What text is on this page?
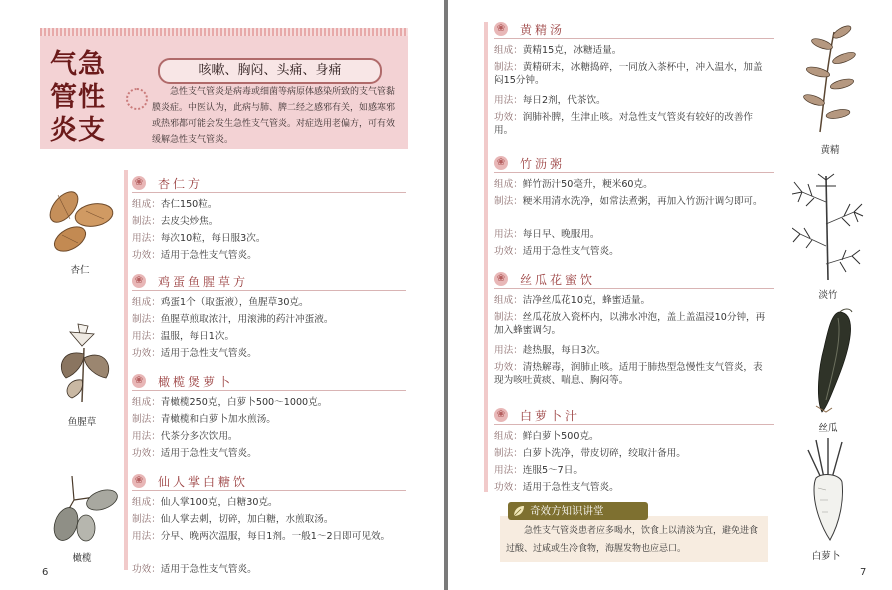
气急
管性
炎支
咳嗽、胸闷、头痛、身痛
急性支气管炎是病毒或细菌等病原体感染所致的支气管黏膜炎症。中医认为，此病与肺、脾二经之感邪有关，如感寒邪或热邪都可能会发生急性支气管炎。对症选用老偏方，可有效缓解急性支气管炎。
❀ 杏仁方
组成：杏仁150粒。
制法：去皮尖炒焦。
用法：每次10粒，每日服3次。
功效：适用于急性支气管炎。
❀ 鸡蛋鱼腥草方
组成：鸡蛋1个（取蛋液），鱼腥草30克。
制法：鱼腥草煎取浓汁，用滚沸的药汁冲蛋液。
用法：温服，每日1次。
功效：适用于急性支气管炎。
❀ 橄榄煲萝卜
组成：青橄榄250克，白萝卜500～1000克。
制法：青橄榄和白萝卜加水煎汤。
用法：代茶分多次饮用。
功效：适用于急性支气管炎。
❀ 仙人掌白糖饮
组成：仙人掌100克，白糖30克。
制法：仙人掌去刺，切碎，加白糖，水煎取汤。
用法：分早、晚两次温服，每日1剂。一般1～2日即可见效。
功效：适用于急性支气管炎。
杏仁
鱼腥草
橄榄
6
❀ 黄精汤
组成：黄精15克，冰糖适量。
制法：黄精研末，冰糖捣碎，一同放入茶杯中，冲入温水，加盖闷15分钟。
用法：每日2剂，代茶饮。
功效：润肺补脾，生津止咳。对急性支气管炎有较好的改善作用。
❀ 竹沥粥
组成：鲜竹沥汁50毫升，粳米60克。
制法：粳米用清水洗净，如常法煮粥，再加入竹沥汁调匀即可。
用法：每日早、晚服用。
功效：适用于急性支气管炎。
❀ 丝瓜花蜜饮
组成：洁净丝瓜花10克，蜂蜜适量。
制法：丝瓜花放入瓷杯内，以沸水冲泡，盖上盖温浸10分钟，再加入蜂蜜调匀。
用法：趁热服，每日3次。
功效：清热解毒，润肺止咳。适用于肺热型急慢性支气管炎，表现为咳吐黄痰、喘息、胸闷等。
❀ 白萝卜汁
组成：鲜白萝卜500克。
制法：白萝卜洗净，带皮切碎，绞取汁备用。
用法：连服5～7日。
功效：适用于急性支气管炎。
黄精
淡竹
丝瓜
白萝卜
7
奇效方知识讲堂
急性支气管炎患者应多喝水，饮食上以清淡为宜，避免进食过酸、过咸或生冷食物，海腥发物也应忌口。
